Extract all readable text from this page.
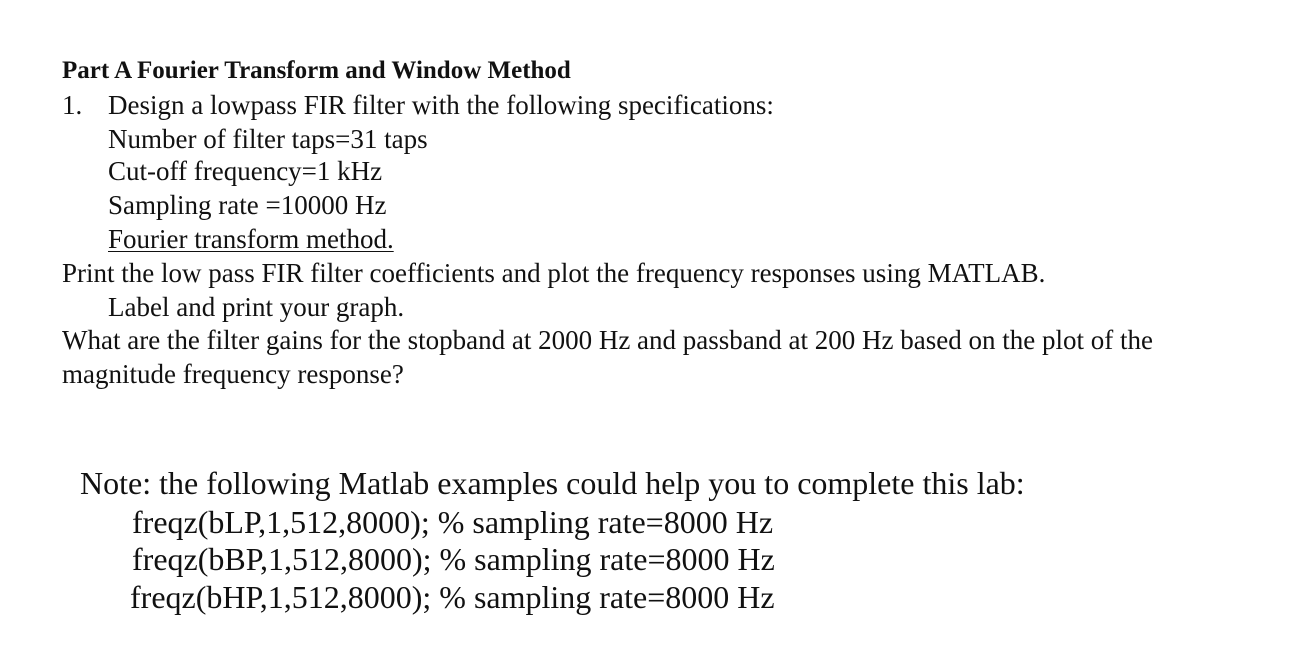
Part A Fourier Transform and Window Method
1. Design a lowpass FIR filter with the following specifications:
Number of filter taps=31 taps
Cut-off frequency=1 kHz
Sampling rate =10000 Hz
Fourier transform method.
Print the low pass FIR filter coefficients and plot the frequency responses using MATLAB.
Label and print your graph.
What are the filter gains for the stopband at 2000 Hz and passband at 200 Hz based on the plot of the
magnitude frequency response?
Note: the following Matlab examples could help you to complete this lab:
freqz(bLP,1,512,8000); % sampling rate=8000 Hz
freqz(bBP,1,512,8000); % sampling rate=8000 Hz
freqz(bHP,1,512,8000); % sampling rate=8000 Hz
